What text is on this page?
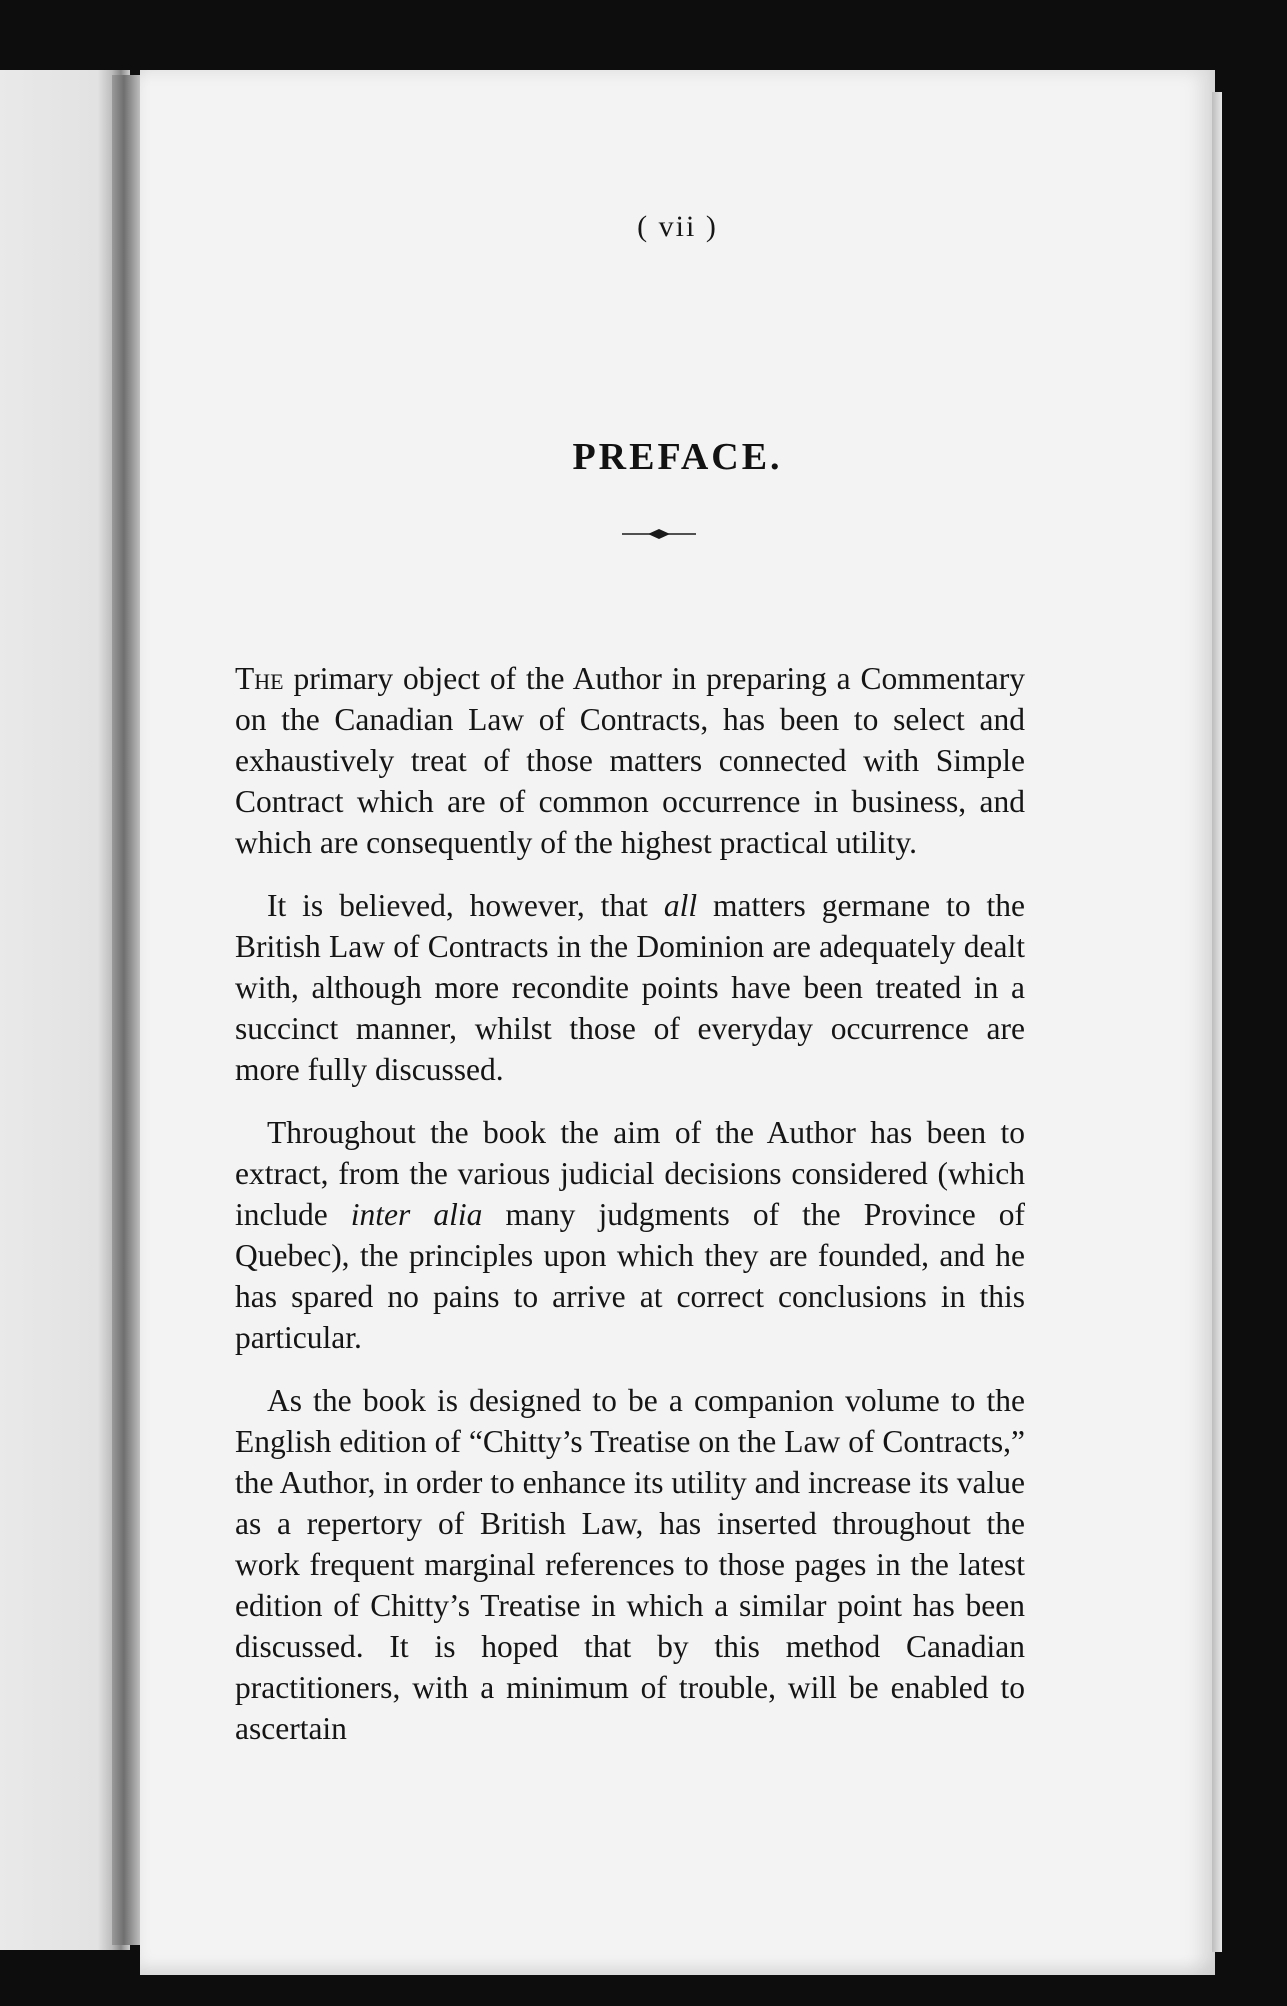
( vii )
PREFACE.

The primary object of the Author in preparing a Commentary on the Canadian Law of Contracts, has been to select and exhaustively treat of those matters connected with Simple Contract which are of common occurrence in business, and which are consequently of the highest practical utility.

It is believed, however, that all matters germane to the British Law of Contracts in the Dominion are adequately dealt with, although more recondite points have been treated in a succinct manner, whilst those of everyday occurrence are more fully discussed.

Throughout the book the aim of the Author has been to extract, from the various judicial decisions considered (which include inter alia many judgments of the Province of Quebec), the principles upon which they are founded, and he has spared no pains to arrive at correct conclusions in this particular.

As the book is designed to be a companion volume to the English edition of “Chitty’s Treatise on the Law of Contracts,” the Author, in order to enhance its utility and increase its value as a repertory of British Law, has inserted throughout the work frequent marginal references to those pages in the latest edition of Chitty’s Treatise in which a similar point has been discussed. It is hoped that by this method Canadian practitioners, with a minimum of trouble, will be enabled to ascertain
